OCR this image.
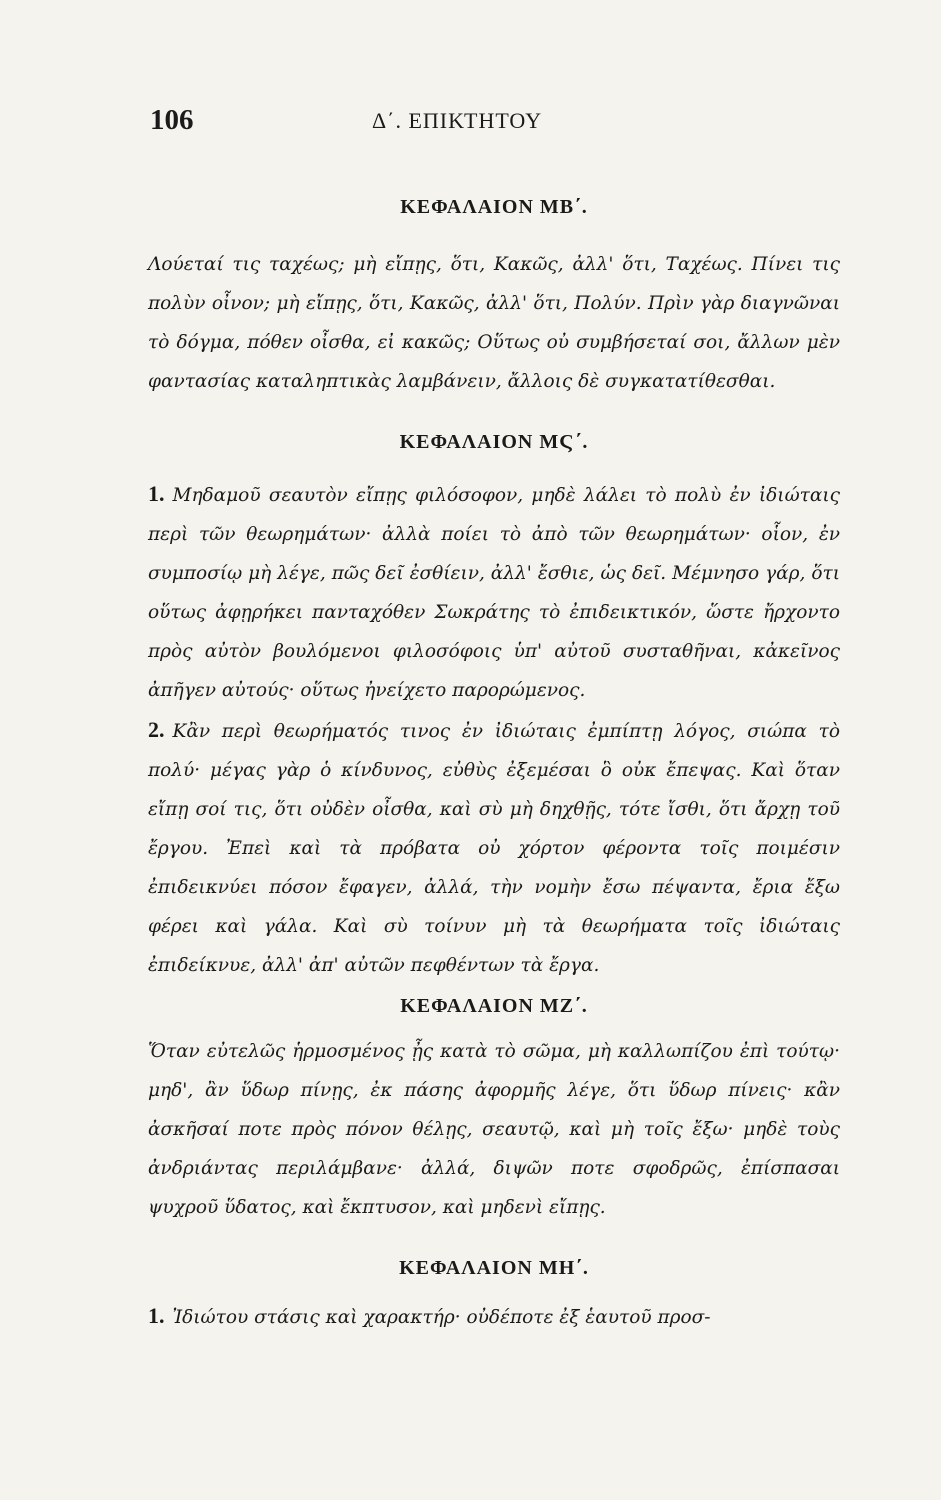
106	Δ΄. ΕΠΙΚΤΗΤΟΥ
ΚΕΦΑΛΑΙΟΝ ΜΒ΄.

Λούεταί τις ταχέως; μὴ εἴπῃς, ὅτι, Κακῶς, ἀλλ' ὅτι, Ταχέως. Πίνει τις πολὺν οἶνον; μὴ εἴπῃς, ὅτι, Κακῶς, ἀλλ' ὅτι, Πολύν. Πρὶν γὰρ διαγνῶναι τὸ δόγμα, πόθεν οἶσθα, εἰ κακῶς; Οὕτως οὐ συμβήσεταί σοι, ἄλλων μὲν φαντασίας καταληπτικὰς λαμβάνειν, ἄλλοις δὲ συγκατατίθεσθαι.

ΚΕΦΑΛΑΙΟΝ ΜϚ΄.

1. Μηδαμοῦ σεαυτὸν εἴπῃς φιλόσοφον, μηδὲ λάλει τὸ πολὺ ἐν ἰδιώταις περὶ τῶν θεωρημάτων· ἀλλὰ ποίει τὸ ἀπὸ τῶν θεωρημάτων· οἷον, ἐν συμποσίῳ μὴ λέγε, πῶς δεῖ ἐσθίειν, ἀλλ' ἔσθιε, ὡς δεῖ. Μέμνησο γάρ, ὅτι οὕτως ἀφῃρήκει πανταχόθεν Σωκράτης τὸ ἐπιδεικτικόν, ὥστε ἤρχοντο πρὸς αὐτὸν βουλόμενοι φιλοσόφοις ὑπ' αὐτοῦ συσταθῆναι, κἀκεῖνος ἀπῆγεν αὐτούς· οὕτως ἠνείχετο παρορώμενος.

2. Κἂν περὶ θεωρήματός τινος ἐν ἰδιώταις ἐμπίπτῃ λόγος, σιώπα τὸ πολύ· μέγας γὰρ ὁ κίνδυνος, εὐθὺς ἐξεμέσαι ὃ οὐκ ἔπεψας. Καὶ ὅταν εἴπῃ σοί τις, ὅτι οὐδὲν οἶσθα, καὶ σὺ μὴ δηχθῇς, τότε ἴσθι, ὅτι ἄρχῃ τοῦ ἔργου. Ἐπεὶ καὶ τὰ πρόβατα οὐ χόρτον φέροντα τοῖς ποιμέσιν ἐπιδεικνύει πόσον ἔφαγεν, ἀλλά, τὴν νομὴν ἔσω πέψαντα, ἔρια ἔξω φέρει καὶ γάλα. Καὶ σὺ τοίνυν μὴ τὰ θεωρήματα τοῖς ἰδιώταις ἐπιδείκνυε, ἀλλ' ἀπ' αὐτῶν πεφθέντων τὰ ἔργα.

ΚΕΦΑΛΑΙΟΝ ΜΖ΄.

Ὅταν εὐτελῶς ἡρμοσμένος ᾖς κατὰ τὸ σῶμα, μὴ καλλωπίζου ἐπὶ τούτῳ· μηδ', ἂν ὕδωρ πίνῃς, ἐκ πάσης ἀφορμῆς λέγε, ὅτι ὕδωρ πίνεις· κἂν ἀσκῆσαί ποτε πρὸς πόνον θέλῃς, σεαυτῷ, καὶ μὴ τοῖς ἔξω· μηδὲ τοὺς ἀνδριάντας περιλάμβανε· ἀλλά, διψῶν ποτε σφοδρῶς, ἐπίσπασαι ψυχροῦ ὕδατος, καὶ ἔκπτυσον, καὶ μηδενὶ εἴπῃς.

ΚΕΦΑΛΑΙΟΝ ΜΗ΄.

1. Ἰδιώτου στάσις καὶ χαρακτήρ· οὐδέποτε ἐξ ἑαυτοῦ προσ-
